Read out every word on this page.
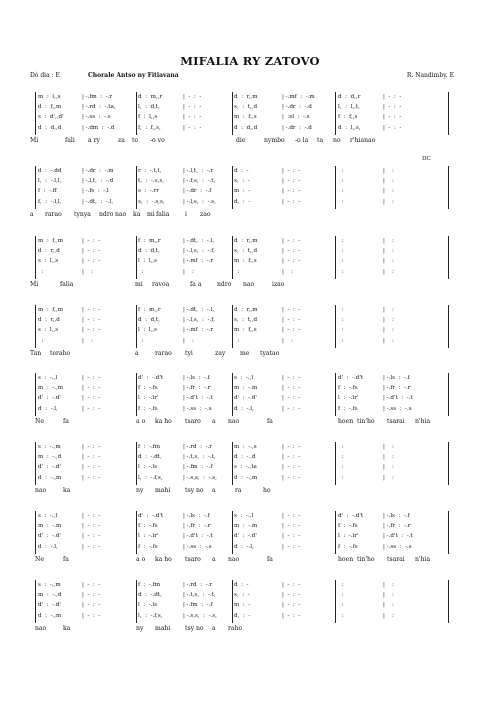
MIFALIA RY ZATOVO
Dò dia : E	Chorale Antso ny Fitiavana	R. Nandimby. E
m  :  l,,s	| -.fm  :  -.r	d  :  m,,r	|  -  :  -	d  :  r,,m	| -.mf  :  -.m	d  :  d,,r	|  -  :  -
d  :  f,,m	| -.rd  :  -.ta,	l,  :  d,t,	|  -  :  -	s,  :  t,,d	| -.dr  :  -.d	l,  :  l,,t,	|  -  :  -
s  :  d',,d'	| -.ss  :  -.s	f  :  l,,s	|  -  :  -	m  :  f,,s	|  :sl  :  -.s	f  :  f,,s	|  -  :  -
d  :  d,,d	| -.dm  :  -.d	f,  :  f,,s,	|  -  :  -	d  :  d,,d	| -.dr  :  -.d	d  :  l,,s,	|  -  :  -
Mi	fali a ry	za to -o vo	die	nymbo -o la ta no r'hianao
d  :  -.dd	| -.dr  :  -.m	r  :  -.t,t,	| -.l,t,  :  -.r	d  :  -	|  -  :  -	:	|    :
l,  :  -.l,l,	| -.l,t,  :  -.d	t,  :  -.s,s,	| -.f,s,  :  -.t,	s,  :  -	|  -  :  -	:	|    :
f  :  -.ff	| -.fs  :  -.l	s  :  -.rr	| -.dr  :  -.f	m  :  -	|  -  :  -	:	|    :
f,  :  -.l,l,	| -.dt,  :  -.l,	s,  :  -.s,s,	| -.l,s,  :  -.s,	d,  :  -	|  -  :  -	:	|    :
a rarao tynya ndro nao ka mi falia	i zao
DC
m  :  f,,m	|  -  :  -	f  :  m,,r	| -.dt,  :  -.l,	d  :  r,,m	|  -  :  -	:	|    :
d  :  r,,d	|  -  :  -	d  :  d,t,	| -.l,s,  :  -.f,	s,  :  t,,d	|  -  :  -	:	|    :
s  :  l,,s	|  -  :  -	l  :  l,,s	| -.mf  :  -.r	m  :  f,,s	|  -  :  -	:	|    :
:	|    :	:	|    :	:	|    :	:	|    :
Mi	falia	mi ravoa	fa a	ndro nao	izao
m  :  f,,m	|  -  :  -	f  :  m,,r	| -.dt,  :  -.l,	d  :  r,,m	|  -  :  -	:	|    :
d  :  r,,d	|  -  :  -	d  :  d,t,	| -.l,s,  :  -.f,	s,  :  t,,d	|  -  :  -	:	|    :
s  :  l,,s	|  -  :  -	l  :  l,,s	| -.mf  :  -.r	m  :  f,,s	|  -  :  -	:	|    :
:	|    :	:	|    :	:	|    :	:	|    :
Tan teraho	a	rarao tyi	zay me tyatao
s  :  -.,l	|  -  :  -	d'  :  -.d't	| -.ls  :  -.f	s  :  -.,l	|  -  :  -	d'  :  -.d't	| -.ls  :  -.f
m  :  -.,m	|  -  :  -	f  :  -.fs	| -.fr  :  -.r	m  :  -.m	|  -  :  -	f  :  -.fs	| -.fr  :  -.r
d'  :  -.d'	|  -  :  -	l  :  -.lr'	| -.d't  :  -.t	d'  :  -.d'	|  -  :  -	l  :  -.lr'	| -.d't  :  -.t
d  :  -.l,	|  -  :  -	f  :  -.fs	| -.ss  :  -.s	d  :  -.l,	|  -  :  -	f  :  -.fs	| -.ss  :  -.s
Ne	fa	a o ka ho tsaro a nao	fa	hoen tin'ho tsarai n'hia
s  :  -.,m	|  -  :  -	f  :  -.fm	| -.rd  :  -.r	m  :  -.,s	|  -  :  -	:	|    :
m  :  -.,d	|  -  :  -	d  :  -.dt,	| -.t,s,  :  -.t,	d  :  -.,d	|  -  :  -	:	|    :
d'  :  -.d'	|  -  :  -	l  :  -.ls	| -.fm  :  -.f	s  :  -.,ta	|  -  :  -	:	|    :
d  :  -.,m	|  -  :  -	l,  :  -.f,s,	| -.s,s,  :  -.s,	d  :  -.,m	|  -  :  -	:	|    :
nao	ka	ny mahi tsy no a	ra	ho
s  :  -.,l	|  -  :  -	d'  :  -.d't	| -.ls  :  -.f	s  :  -.,l	|  -  :  -	d'  :  -.d't	| -.ls  :  -.f
m  :  -.m	|  -  :  -	f  :  -.fs	| -.fr  :  -.r	m  :  -.m	|  -  :  -	f  :  -.fs	| -.fr  :  -.r
d'  :  -.d'	|  -  :  -	l  :  -.lr'	| -.d't  :  -.t	d'  :  -.d'	|  -  :  -	l  :  -.lr'	| -.d't  :  -.t
d  :  -.l,	|  -  :  -	f  :  -.fs	| -.ss  :  -.s	d  :  -.l,	|  -  :  -	f  :  -.fs	| -.ss  :  -.s
Ne	fa	a o ka ho tsaro a nao	fa	hoen tin'ho tsarai n'hia
s  :  -.,m	|  -  :  -	f  :  -.fm	| -.rd  :  -.r	d  :  -	|  -  :  -	:	|    :
m  :  -.,d	|  -  :  -	d  :  -.dt,	| -.t,s,  :  -.t,	s,  :  -	|  -  :  -	:	|    :
d'  :  -.d'	|  -  :  -	l  :  -.ls	| -.fm  :  -.f	m  :  -	|  -  :  -	:	|    :
d  :  -.,m	|  -  :  -	l,  :  -.f,s,	| -.s,s,  :  -.s,	d,  :  -	|  -  :  -	:	|    :
nao	ka	ny mahi tsy no a raho
